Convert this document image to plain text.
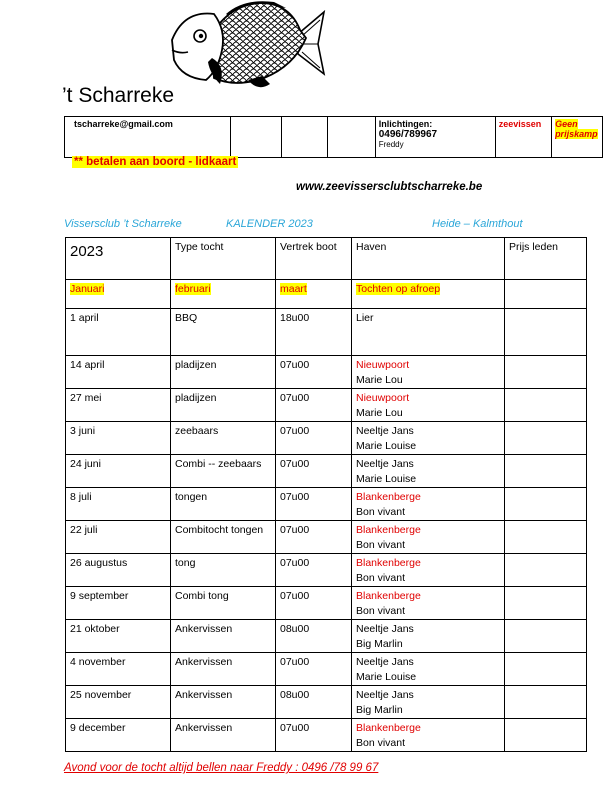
’t Scharreke
tscharreke@gmail.com				Inlichtingen:
0496/789967
Freddy
	zeevissen	Geen prijskamp
** betalen aan boord - lidkaart
www.zeevissersclubtscharreke.be
Vissersclub ’t Scharreke	KALENDER 2023	Heide – Kalmthout
2023	Type tocht	Vertrek boot	Haven	Prijs leden
Januari	februari	maart	Tochten op afroep	

1 april	BBQ	18u00	Lier	

14 april	pladijzen	07u00	Nieuwpoort
Marie Lou	

27 mei	pladijzen	07u00	Nieuwpoort
Marie Lou	

3 juni	zeebaars	07u00	Neeltje Jans
Marie Louise	

24 juni	Combi -- zeebaars	07u00	Neeltje Jans
Marie Louise	

8 juli	tongen	07u00	Blankenberge
Bon vivant	

22 juli	Combitocht tongen	07u00	Blankenberge
Bon vivant	

26 augustus	tong	07u00	Blankenberge
Bon vivant	

9 september	Combi tong	07u00	Blankenberge
Bon vivant	

21 oktober	Ankervissen	08u00	Neeltje Jans
Big Marlin	

4 november	Ankervissen	07u00	Neeltje Jans
Marie Louise	

25 november	Ankervissen	08u00	Neeltje Jans
Big Marlin	

9 december	Ankervissen	07u00	Blankenberge
Bon vivant	

Avond voor de tocht altijd bellen naar Freddy : 0496 /78 99 67
